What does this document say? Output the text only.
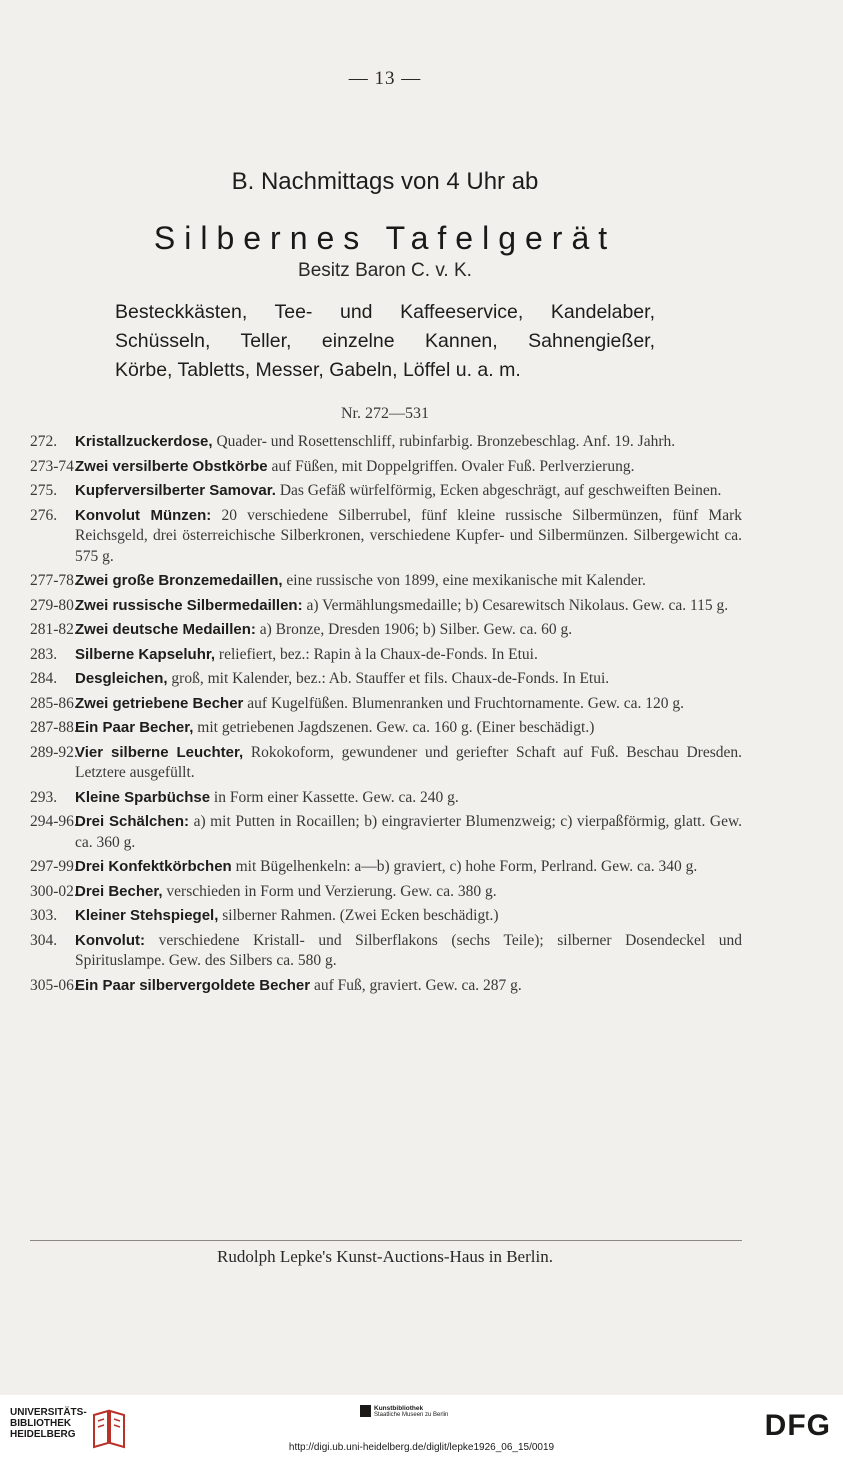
— 13 —
B. Nachmittags von 4 Uhr ab
Silbernes Tafelgerät
Besitz Baron C. v. K.
Besteckkästen, Tee- und Kaffeeservice, Kandelaber,
Schüsseln, Teller, einzelne Kannen, Sahnengießer,
Körbe, Tabletts, Messer, Gabeln, Löffel u. a. m.
Nr. 272—531
272. Kristallzuckerdose, Quader- und Rosettenschliff, rubinfarbig. Bronzebeschlag. Anf. 19. Jahrh.
273-74.
Zwei versilberte Obstkörbe auf Füßen, mit Doppelgriffen. Ovaler Fuß. Perlverzierung.
275. Kupferversilberter Samovar. Das Gefäß würfelförmig, Ecken abgeschrägt, auf geschweiften Beinen.
276. Konvolut Münzen: 20 verschiedene Silberrubel, fünf kleine russische Silbermünzen, fünf Mark Reichsgeld, drei österreichische Silberkronen, verschiedene Kupfer- und Silbermünzen. Silbergewicht ca. 575 g.
277-78.
Zwei große Bronzemedaillen, eine russische von 1899, eine mexikanische mit Kalender.
279-80.
Zwei russische Silbermedaillen: a) Vermählungsmedaille; b) Cesarewitsch Nikolaus. Gew. ca. 115 g.
281-82.
Zwei deutsche Medaillen: a) Bronze, Dresden 1906; b) Silber. Gew. ca. 60 g.
283. Silberne Kapseluhr, reliefiert, bez.: Rapin à la Chaux-de-Fonds. In Etui.
284. Desgleichen, groß, mit Kalender, bez.: Ab. Stauffer et fils. Chaux-de-Fonds. In Etui.
285-86.
Zwei getriebene Becher auf Kugelfüßen. Blumenranken und Fruchtornamente. Gew. ca. 120 g.
287-88.
Ein Paar Becher, mit getriebenen Jagdszenen. Gew. ca. 160 g. (Einer beschädigt.)
289-92.
Vier silberne Leuchter, Rokokoform, gewundener und geriefter Schaft auf Fuß. Beschau Dresden. Letztere ausgefüllt.
293. Kleine Sparbüchse in Form einer Kassette. Gew. ca. 240 g.
294-96.
Drei Schälchen: a) mit Putten in Rocaillen; b) eingravierter Blumenzweig; c) vierpaßförmig, glatt. Gew. ca. 360 g.
297-99.
Drei Konfektkörbchen mit Bügelhenkeln: a—b) graviert, c) hohe Form, Perlrand. Gew. ca. 340 g.
300-02.
Drei Becher, verschieden in Form und Verzierung. Gew. ca. 380 g.
303. Kleiner Stehspiegel, silberner Rahmen. (Zwei Ecken beschädigt.)
304. Konvolut: verschiedene Kristall- und Silberflakons (sechs Teile); silberner Dosendeckel und Spirituslampe. Gew. des Silbers ca. 580 g.
305-06.
Ein Paar silbervergoldete Becher auf Fuß, graviert. Gew. ca. 287 g.
Rudolph Lepke's Kunst-Auctions-Haus in Berlin.
UNIVERSITÄTS-
BIBLIOTHEK
HEIDELBERG
Kunstbibliothek
Staatliche Museen zu Berlin	DFG
http://digi.ub.uni-heidelberg.de/diglit/lepke1926_06_15/0019
